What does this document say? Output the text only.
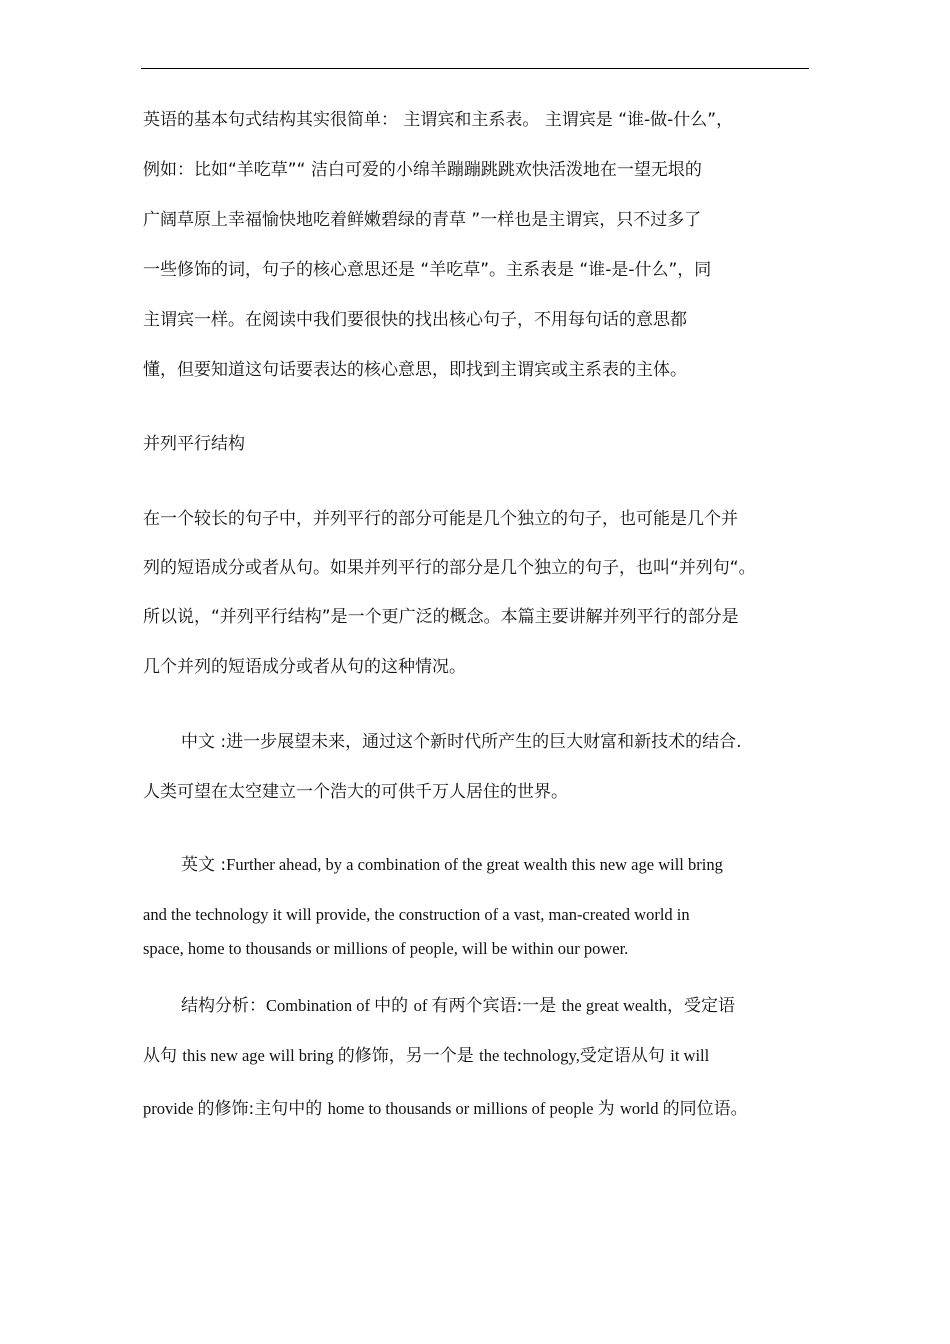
英语的基本句式结构其实很简单： 主谓宾和主系表。 主谓宾是 “谁-做-什么”，
例如：比如“羊吃草”“ 洁白可爱的小绵羊蹦蹦跳跳欢快活泼地在一望无垠的
广阔草原上幸福愉快地吃着鲜嫩碧绿的青草 ”一样也是主谓宾，只不过多了
一些修饰的词，句子的核心意思还是 “羊吃草”。主系表是 “谁-是-什么”，同
主谓宾一样。在阅读中我们要很快的找出核心句子，不用每句话的意思都
懂，但要知道这句话要表达的核心意思，即找到主谓宾或主系表的主体。
并列平行结构
在一个较长的句子中，并列平行的部分可能是几个独立的句子，也可能是几个并
列的短语成分或者从句。如果并列平行的部分是几个独立的句子，也叫“并列句“。
所以说，“并列平行结构”是一个更广泛的概念。本篇主要讲解并列平行的部分是
几个并列的短语成分或者从句的这种情况。
中文 :进一步展望未来，通过这个新时代所产生的巨大财富和新技术的结合.
人类可望在太空建立一个浩大的可供千万人居住的世界。
英文 :Further ahead, by a combination of the great wealth this new age will bring
and the technology it will provide, the construction of a vast, man-created world in
space, home to thousands or millions of people, will be within our power.
结构分析：Combination of 中的 of 有两个宾语:一是 the great wealth，受定语
从句 this new age will bring 的修饰，另一个是 the technology,受定语从句 it will
provide 的修饰:主句中的 home to thousands or millions of people 为 world 的同位语。
